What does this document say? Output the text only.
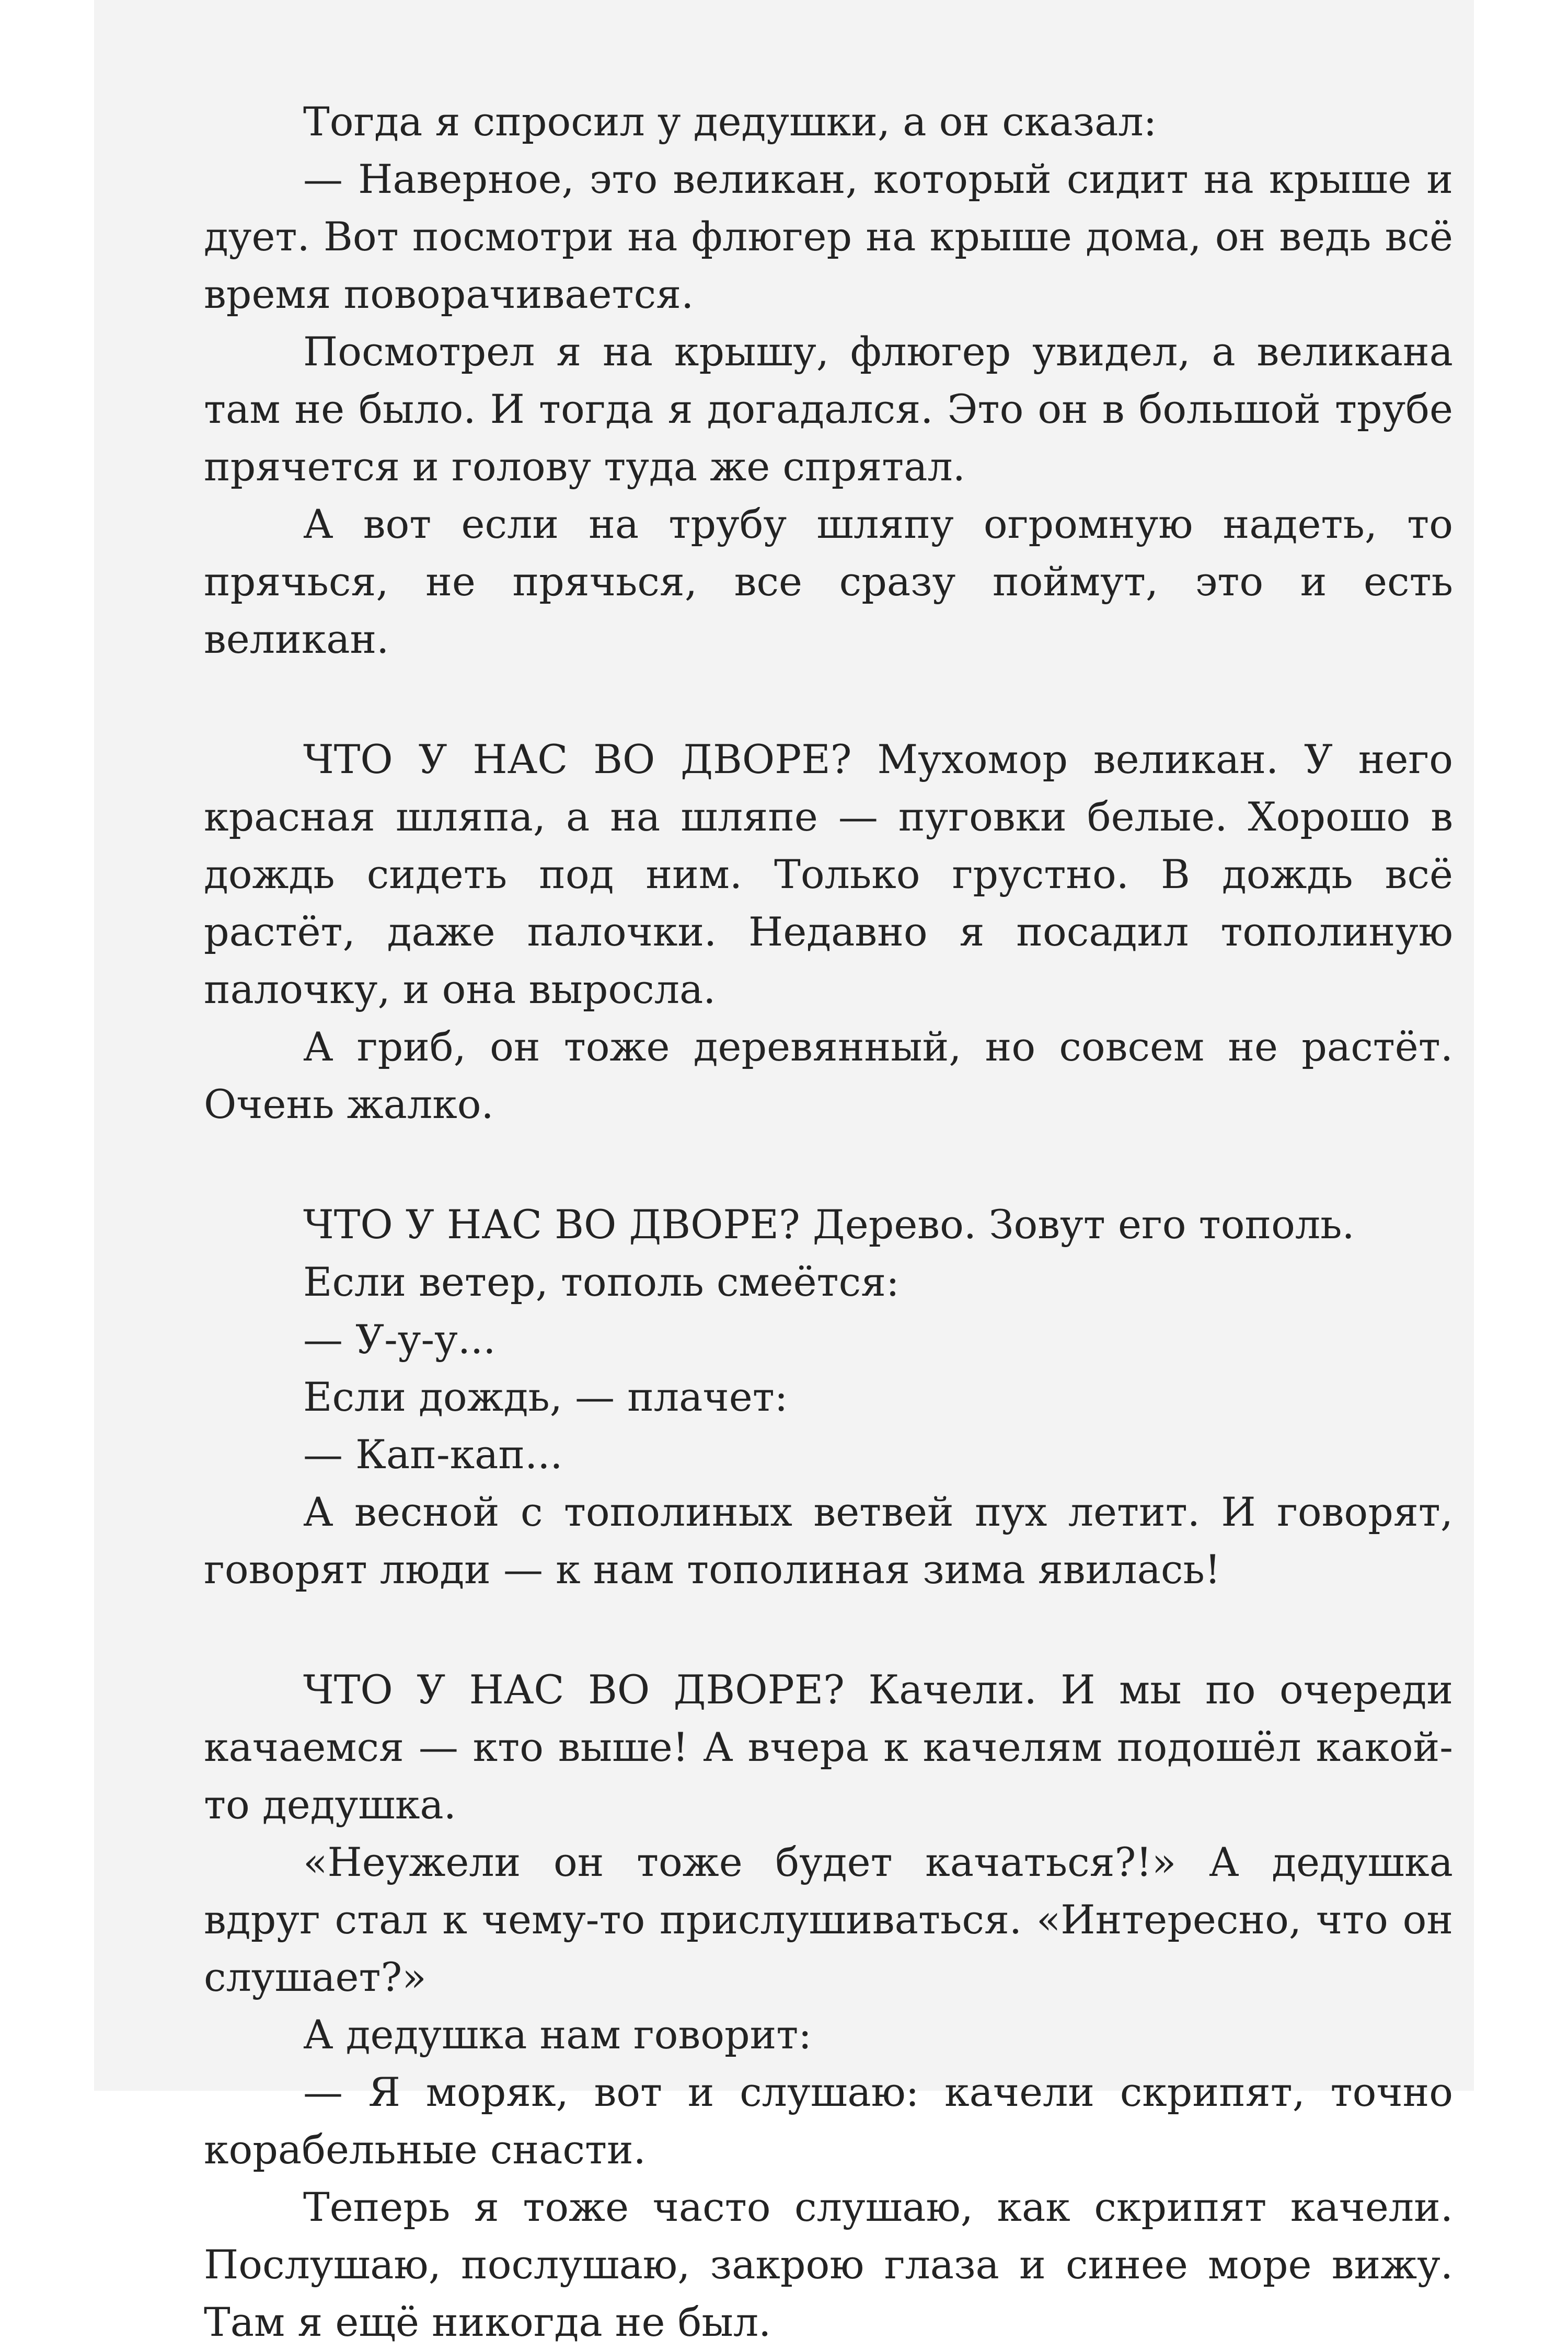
Тогда я спросил у дедушки, а он сказал:

— Наверное, это великан, который сидит на крыше и дует. Вот посмотри на флюгер на крыше дома, он ведь всё время поворачивается.

Посмотрел я на крышу, флюгер увидел, а великана там не было. И тогда я догадался. Это он в большой трубе прячется и голову туда же спрятал.

А вот если на трубу шляпу огромную надеть, то прячься, не прячься, все сразу поймут, это и есть великан.

ЧТО У НАС ВО ДВОРЕ? Мухомор великан. У него красная шляпа, а на шляпе — пуговки белые. Хорошо в дождь сидеть под ним. Только грустно. В дождь всё растёт, даже палочки. Недавно я посадил тополиную палочку, и она выросла.

А гриб, он тоже деревянный, но совсем не растёт. Очень жалко.

ЧТО У НАС ВО ДВОРЕ? Дерево. Зовут его тополь.

Если ветер, тополь смеётся:

— У-у-у...

Если дождь, — плачет:

— Кап-кап...

А весной с тополиных ветвей пух летит. И говорят, говорят люди — к нам тополиная зима явилась!

ЧТО У НАС ВО ДВОРЕ? Качели. И мы по очереди качаемся — кто выше! А вчера к качелям подошёл какой-то дедушка.

«Неужели он тоже будет качаться?!» А дедушка вдруг стал к чему-то прислушиваться. «Интересно, что он слушает?»

А дедушка нам говорит:

— Я моряк, вот и слушаю: качели скрипят, точно корабельные снасти.

Теперь я тоже часто слушаю, как скрипят качели. Послушаю, послушаю, закрою глаза и синее море вижу. Там я ещё никогда не был.
